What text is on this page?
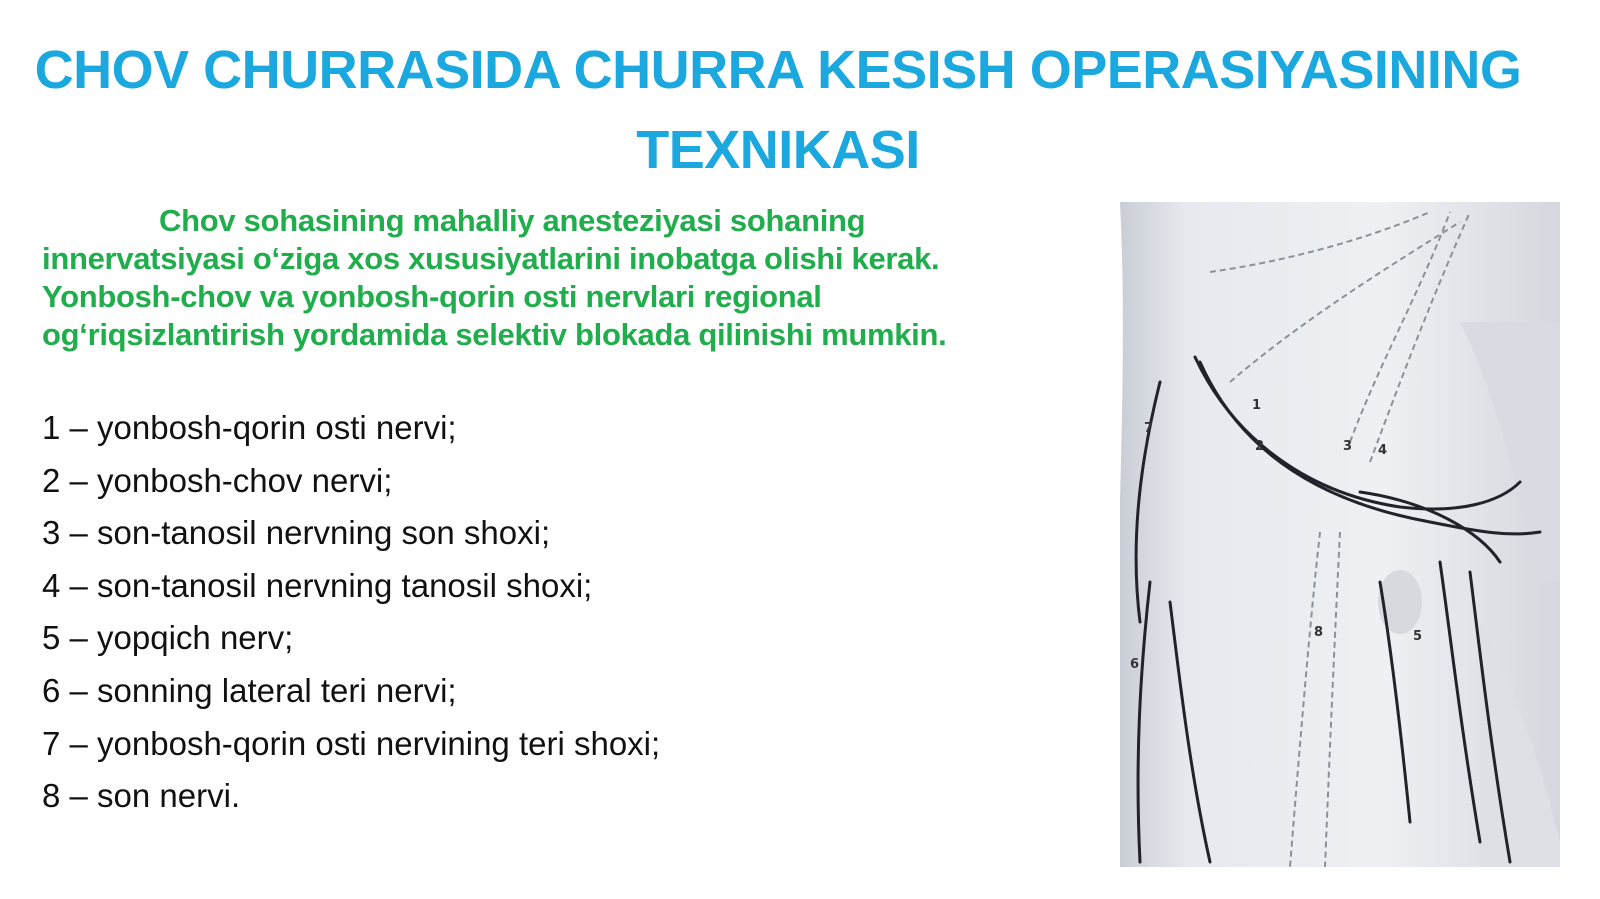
CHOV CHURRASIDA CHURRA KESISH OPERASIYASINING
TEXNIKASI
Chov sohasining mahalliy anesteziyasi sohaning innervatsiyasi o‘ziga xos xususiyatlarini inobatga olishi kerak. Yonbosh-chov va yonbosh-qorin osti nervlari regional og‘riqsizlantirish yordamida selektiv blokada qilinishi mumkin.
1 – yonbosh-qorin osti nervi;
2 – yonbosh-chov nervi;
3 – son-tanosil nervning son shoxi;
4 – son-tanosil nervning tanosil shoxi;
5 – yopqich nerv;
6 – sonning lateral teri nervi;
7 – yonbosh-qorin osti nervining teri shoxi;
8 – son nervi.
1
2	3 4
5
6
7
8
